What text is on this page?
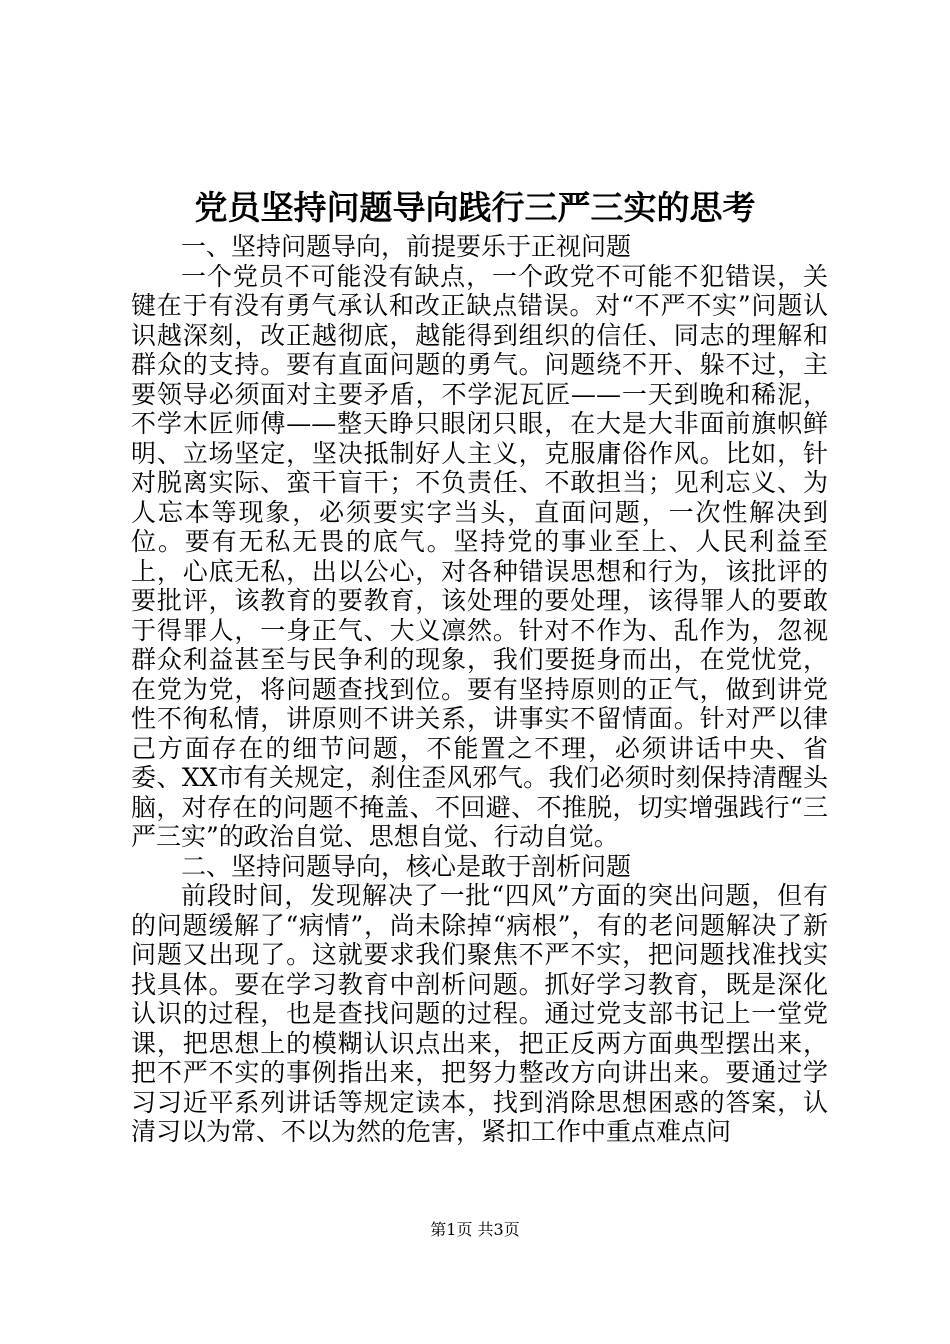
党员坚持问题导向践行三严三实的思考

一、坚持问题导向，前提要乐于正视问题

一个党员不可能没有缺点，一个政党不可能不犯错误，关键在于有没有勇气承认和改正缺点错误。对“不严不实”问题认识越深刻，改正越彻底，越能得到组织的信任、同志的理解和群众的支持。要有直面问题的勇气。问题绕不开、躲不过，主要领导必须面对主要矛盾，不学泥瓦匠——一天到晚和稀泥，不学木匠师傅——整天睁只眼闭只眼，在大是大非面前旗帜鲜明、立场坚定，坚决抵制好人主义，克服庸俗作风。比如，针对脱离实际、蛮干盲干；不负责任、不敢担当；见利忘义、为人忘本等现象，必须要实字当头，直面问题，一次性解决到位。要有无私无畏的底气。坚持党的事业至上、人民利益至上，心底无私，出以公心，对各种错误思想和行为，该批评的要批评，该教育的要教育，该处理的要处理，该得罪人的要敢于得罪人，一身正气、大义凛然。针对不作为、乱作为，忽视群众利益甚至与民争利的现象，我们要挺身而出，在党忧党，在党为党，将问题查找到位。要有坚持原则的正气，做到讲党性不徇私情，讲原则不讲关系，讲事实不留情面。针对严以律己方面存在的细节问题，不能置之不理，必须讲话中央、省委、XX市有关规定，刹住歪风邪气。我们必须时刻保持清醒头脑，对存在的问题不掩盖、不回避、不推脱，切实增强践行“三严三实”的政治自觉、思想自觉、行动自觉。

二、坚持问题导向，核心是敢于剖析问题

前段时间，发现解决了一批“四风”方面的突出问题，但有的问题缓解了“病情”，尚未除掉“病根”，有的老问题解决了新问题又出现了。这就要求我们聚焦不严不实，把问题找准找实找具体。要在学习教育中剖析问题。抓好学习教育，既是深化认识的过程，也是查找问题的过程。通过党支部书记上一堂党课，把思想上的模糊认识点出来，把正反两方面典型摆出来，把不严不实的事例指出来，把努力整改方向讲出来。要通过学习习近平系列讲话等规定读本，找到消除思想困惑的答案，认清习以为常、不以为然的危害，紧扣工作中重点难点问

第1页 共3页
